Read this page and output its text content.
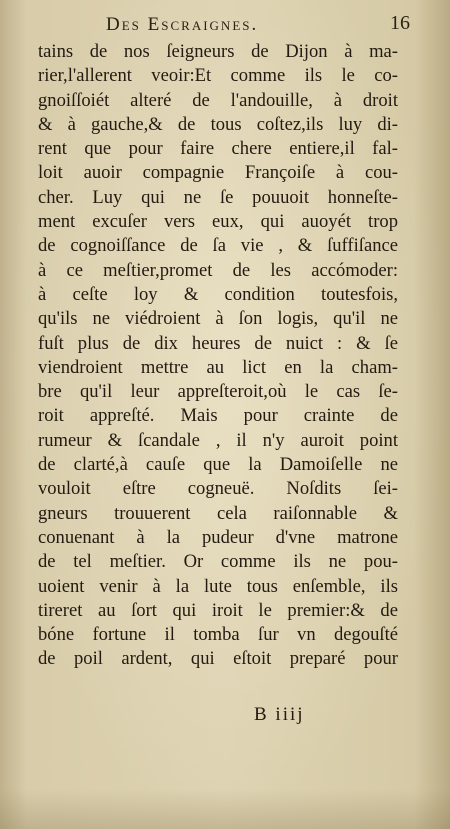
Des Escraignes.	16
tains de nos ſeigneurs de Dijon à ma-
rier,l'allerent veoir:Et comme ils le co-
gnoiſſoiét alteré de l'andouille, à droit
& à gauche,& de tous coſtez,ils luy di-
rent que pour faire chere entiere,il fal-
loit auoir compagnie Françoiſe à cou-
cher. Luy qui ne ſe pouuoit honneſte-
ment excuſer vers eux, qui auoyét trop
de cognoiſſance de ſa vie , & ſuffiſance
à ce meſtier,promet de les accómoder:
à ceſte loy & condition toutesfois,
qu'ils ne viédroient à ſon logis, qu'il ne
fuſt plus de dix heures de nuict : & ſe
viendroient mettre au lict en la cham-
bre qu'il leur appreſteroit,où le cas ſe-
roit appreſté. Mais pour crainte de
rumeur & ſcandale , il n'y auroit point
de clarté,à cauſe que la Damoiſelle ne
vouloit eſtre cogneuë. Noſdits ſei-
gneurs trouuerent cela raiſonnable &
conuenant à la pudeur d'vne matrone
de tel meſtier. Or comme ils ne pou-
uoient venir à la lute tous enſemble, ils
tireret au ſort qui iroit le premier:& de
bóne fortune il tomba ſur vn degouſté
de poil ardent, qui eſtoit preparé pour
B iiij
